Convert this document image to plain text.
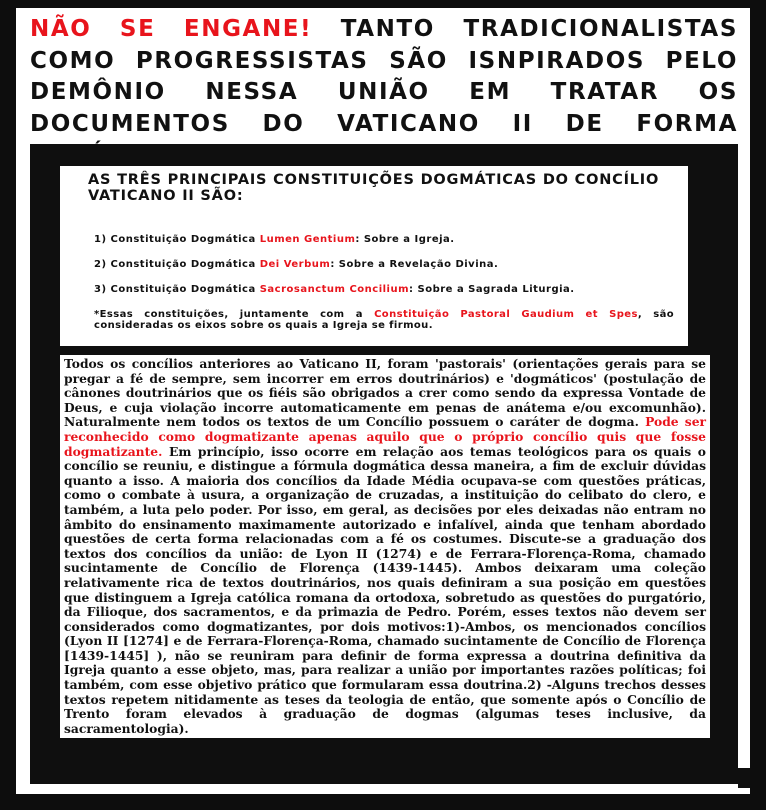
NÃO SE ENGANE! TANTO TRADICIONALISTAS COMO PROGRESSISTAS SÃO ISNPIRADOS PELO DEMÔNIO NESSA UNIÃO EM TRATAR OS DOCUMENTOS DO VATICANO II DE FORMA
AS TRÊS PRINCIPAIS CONSTITUIÇÕES DOGMÁTICAS DO CONCÍLIO VATICANO II SÃO:
1) Constituição Dogmática Lumen Gentium: Sobre a Igreja.
2) Constituição Dogmática Dei Verbum: Sobre a Revelação Divina.
3) Constituição Dogmática Sacrosanctum Concilium: Sobre a Sagrada Liturgia.
*Essas constituições, juntamente com a Constituição Pastoral Gaudium et Spes, são consideradas os eixos sobre os quais a Igreja se firmou.
Todos os concílios anteriores ao Vaticano II, foram 'pastorais' (orientações gerais para se pregar a fé de sempre, sem incorrer em erros doutrinários) e 'dogmáticos' (postulação de cânones doutrinários que os fiéis são obrigados a crer como sendo da expressa Vontade de Deus, e cuja violação incorre automaticamente em penas de anátema e/ou excomunhão). Naturalmente nem todos os textos de um Concílio possuem o caráter de dogma. Pode ser reconhecido como dogmatizante apenas aquilo que o próprio concílio quis que fosse dogmatizante. Em princípio, isso ocorre em relação aos temas teológicos para os quais o concílio se reuniu, e distingue a fórmula dogmática dessa maneira, a fim de excluir dúvidas quanto a isso. A maioria dos concílios da Idade Média ocupava-se com questões práticas, como o combate à usura, a organização de cruzadas, a instituição do celibato do clero, e também, a luta pelo poder. Por isso, em geral, as decisões por eles deixadas não entram no âmbito do ensinamento maximamente autorizado e infalível, ainda que tenham abordado questões de certa forma relacionadas com a fé os costumes. Discute-se a graduação dos textos dos concílios da união: de Lyon II (1274) e de Ferrara-Florença-Roma, chamado sucintamente de Concílio de Florença (1439-1445). Ambos deixaram uma coleção relativamente rica de textos doutrinários, nos quais definiram a sua posição em questões que distinguem a Igreja católica romana da ortodoxa, sobretudo as questões do purgatório, da Filioque, dos sacramentos, e da primazia de Pedro. Porém, esses textos não devem ser considerados como dogmatizantes, por dois motivos:1)-Ambos, os mencionados concílios (Lyon II [1274] e de Ferrara-Florença-Roma, chamado sucintamente de Concílio de Florença [1439-1445] ), não se reuniram para definir de forma expressa a doutrina definitiva da Igreja quanto a esse objeto, mas, para realizar a união por importantes razões políticas; foi também, com esse objetivo prático que formularam essa doutrina.2) -Alguns trechos desses textos repetem nitidamente as teses da teologia de então, que somente após o Concílio de Trento foram elevados à graduação de dogmas (algumas teses inclusive, da sacramentologia).
